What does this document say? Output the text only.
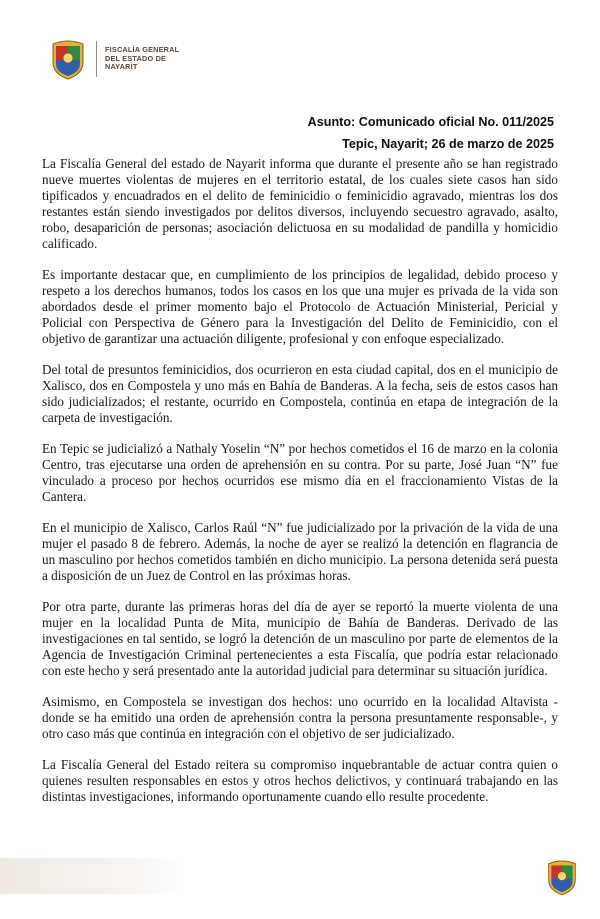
FISCALÍA GENERAL
DEL ESTADO DE
NAYARIT
Asunto: Comunicado oficial No. 011/2025
Tepic, Nayarit; 26 de marzo de 2025

La Fiscalía General del estado de Nayarit informa que durante el presente año se han registrado nueve muertes violentas de mujeres en el territorio estatal, de los cuales siete casos han sido tipificados y encuadrados en el delito de feminicidio o feminicidio agravado, mientras los dos restantes están siendo investigados por delitos diversos, incluyendo secuestro agravado, asalto, robo, desaparición de personas; asociación delictuosa en su modalidad de pandilla y homicidio calificado.

Es importante destacar que, en cumplimiento de los principios de legalidad, debido proceso y respeto a los derechos humanos, todos los casos en los que una mujer es privada de la vida son abordados desde el primer momento bajo el Protocolo de Actuación Ministerial, Pericial y Policial con Perspectiva de Género para la Investigación del Delito de Feminicidio, con el objetivo de garantizar una actuación diligente, profesional y con enfoque especializado.

Del total de presuntos feminicidios, dos ocurrieron en esta ciudad capital, dos en el municipio de Xalisco, dos en Compostela y uno más en Bahía de Banderas. A la fecha, seis de estos casos han sido judicializados; el restante, ocurrido en Compostela, continúa en etapa de integración de la carpeta de investigación.

En Tepic se judicializó a Nathaly Yoselin “N” por hechos cometidos el 16 de marzo en la colonia Centro, tras ejecutarse una orden de aprehensión en su contra. Por su parte, José Juan “N” fue vinculado a proceso por hechos ocurridos ese mismo día en el fraccionamiento Vistas de la Cantera.

En el municipio de Xalisco, Carlos Raúl “N” fue judicializado por la privación de la vida de una mujer el pasado 8 de febrero. Además, la noche de ayer se realizó la detención en flagrancia de un masculino por hechos cometidos también en dicho municipio. La persona detenida será puesta a disposición de un Juez de Control en las próximas horas.

Por otra parte, durante las primeras horas del día de ayer se reportó la muerte violenta de una mujer en la localidad Punta de Mita, municipio de Bahía de Banderas. Derivado de las investigaciones en tal sentido, se logró la detención de un masculino por parte de elementos de la Agencia de Investigación Criminal pertenecientes a esta Fiscalía, que podría estar relacionado con este hecho y será presentado ante la autoridad judicial para determinar su situación jurídica.

Asimismo, en Compostela se investigan dos hechos: uno ocurrido en la localidad Altavista -donde se ha emitido una orden de aprehensión contra la persona presuntamente responsable-, y otro caso más que continúa en integración con el objetivo de ser judicializado.

La Fiscalía General del Estado reitera su compromiso inquebrantable de actuar contra quien o quienes resulten responsables en estos y otros hechos delictivos, y continuará trabajando en las distintas investigaciones, informando oportunamente cuando ello resulte procedente.
